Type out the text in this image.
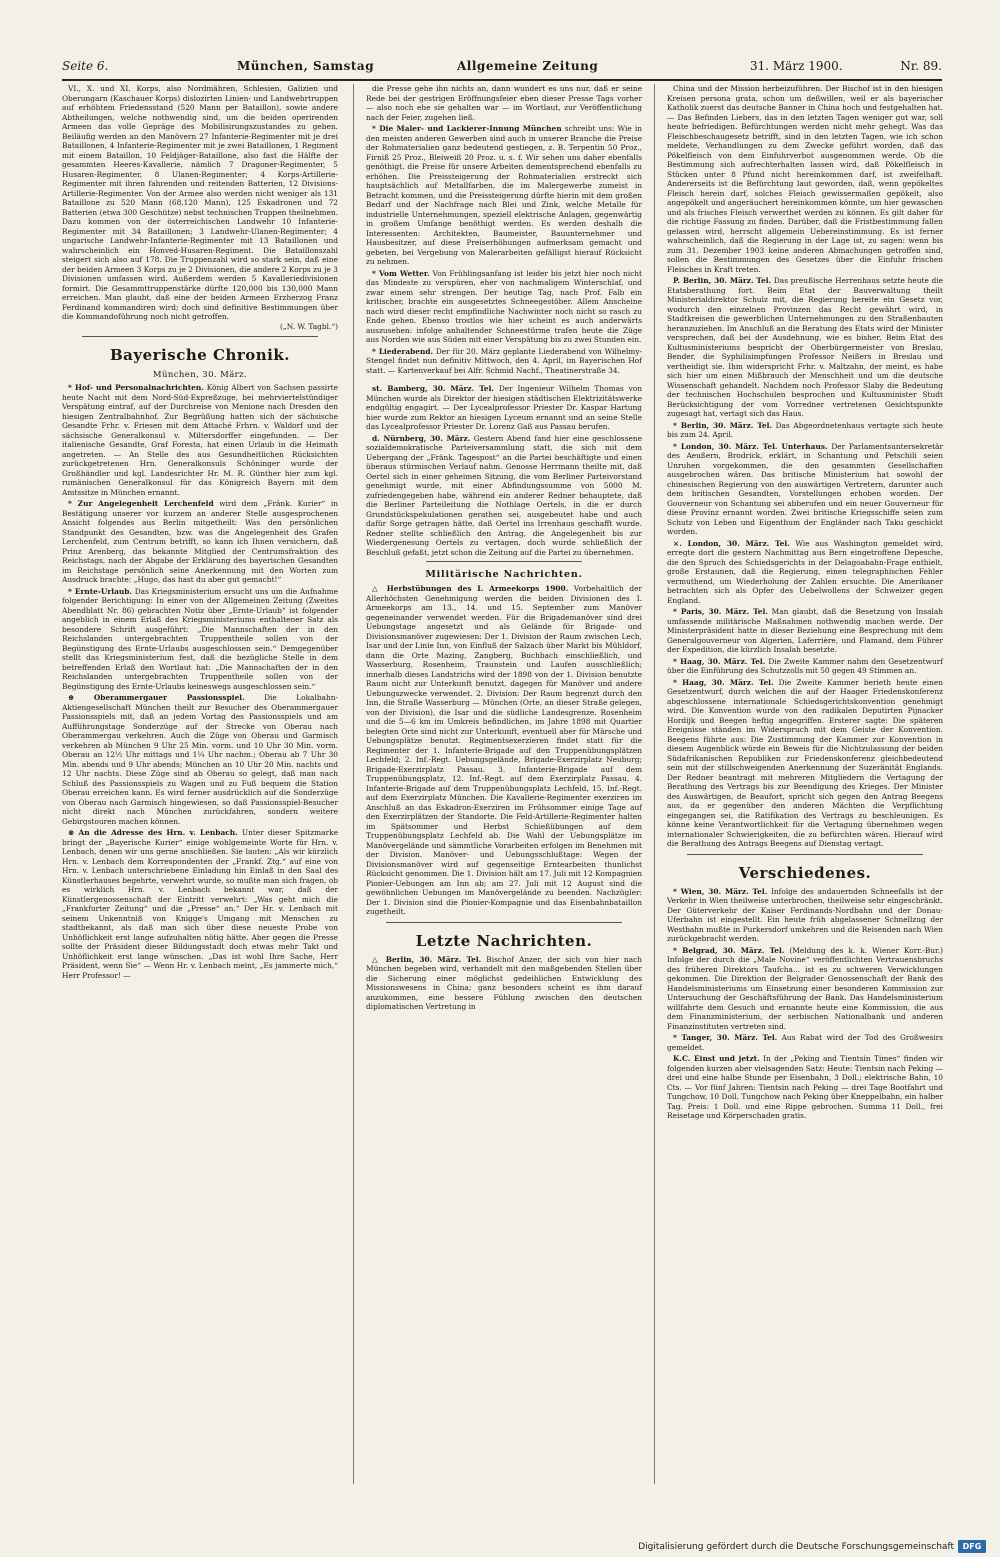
Seite 6.	München, Samstag	Allgemeine Zeitung	31. März 1900.	Nr. 89.

VI., X. und XI. Korps, also Nordmähren, Schlesien, Galizien und Oberungarn (Kaschauer Korps) dislozirten Linien- und Landwehrtruppen auf erhöhtem Friedensstand (520 Mann per Bataillon), sowie andere Abtheilungen, welche nothwendig sind, um die beiden operirenden Armeen das volle Gepräge des Mobilisirungszustandes zu geben. Beiläufig werden an den Manövern 27 Infanterie-Regimenter mit je drei Bataillonen, 4 Infanterie-Regimenter mit je zwei Bataillonen, 1 Regiment mit einem Bataillon, 10 Feldjäger-Bataillone, also fast die Hälfte der gesammten Heeres-Kavallerie, nämlich 7 Dragoner-Regimenter, 5 Husaren-Regimenter, 8 Ulanen-Regimenter; 4 Korps-Artillerie-Regimenter mit ihren fahrenden und reitenden Batterien, 12 Divisions-Artillerie-Regimenter. Von der Armee also werden nicht weniger als 131 Bataillone zu 520 Mann (68,120 Mann), 125 Eskadronen und 72 Batterien (etwa 300 Geschütze) nebst technischen Truppen theilnehmen. Dazu kommen von der österreichischen Landwehr 10 Infanterie-Regimenter mit 34 Bataillonen; 3 Landwehr-Ulanen-Regimenter; 4 ungarische Landwehr-Infanterie-Regimenter mit 13 Bataillonen und wahrscheinlich ein Honved-Husaren-Regiment. Die Bataillonszahl steigert sich also auf 178. Die Truppenzahl wird so stark sein, daß eine der beiden Armeen 3 Korps zu je 2 Divisionen, die andere 2 Korps zu je 3 Divisionen umfassen wird. Außerdem werden 5 Kavalleriedivisionen formirt. Die Gesammttruppenstärke dürfte 120,000 bis 130,000 Mann erreichen. Man glaubt, daß eine der beiden Armeen Erzherzog Franz Ferdinand kommandiren wird; doch sind definitive Bestimmungen über die Kommandoführung noch nicht getroffen.

(„N. W. Tagbl.“)

Bayerische Chronik.
München, 30. März.

* Hof- und Personalnachrichten. König Albert von Sachsen passirte heute Nacht mit dem Nord-Süd-Expreßzuge, bei mehrviertelstündiger Verspätung eintraf, auf der Durchreise von Menione nach Dresden den hiesigen Zentralbahnhof. Zur Begrüßung hatten sich der sächsische Gesandte Frhr. v. Friesen mit dem Attaché Frhrn. v. Waldorf und der sächsische Generalkonsul v. Miltersdorffer eingefunden. — Der italienische Gesandte, Graf Foresta, hat einen Urlaub in die Heimath angetreten. — An Stelle des aus Gesundheitlichen Rücksichten zurückgetretenen Hrn. Generalkonsuls Schöninger wurde der Großhändler und kgl. Landesrichter Hr. M. R. Günther hier zum kgl. rumänischen Generalkonsul für das Königreich Bayern mit dem Amtssitze in München ernannt.

* Zur Angelegenheit Lerchenfeld wird dem „Fränk. Kurier“ in Bestätigung unserer vor kurzem an anderer Stelle ausgesprochenen Ansicht folgendes aus Berlin mitgetheilt: Was den persönlichen Standpunkt des Gesandten, bzw. was die Angelegenheit des Grafen Lerchenfeld, zum Centrum betrifft, so kann ich Ihnen versichern, daß Prinz Arenberg, das bekannte Mitglied der Centrumsfraktion des Reichstags, nach der Abgabe der Erklärung des bayerischen Gesandten im Reichstage persönlich seine Anerkennung mit den Worten zum Ausdruck brachte: „Hugo, das hast du aber gut gemacht!“

* Ernte-Urlaub. Das Kriegsministerium ersucht uns um die Aufnahme folgender Berichtigung: In einer von der Allgemeinen Zeitung (Zweites Abendblatt Nr. 86) gebrachten Notiz über „Ernte-Urlaub“ ist folgender angeblich in einem Erlaß des Kriegsministeriums enthaltener Satz als besondere Schrift ausgeführt: „Die Mannschaften der in den Reichslanden untergebrachten Truppentheile sollen von der Begünstigung des Ernte-Urlaubs ausgeschlossen sein.“ Demgegenüber stellt das Kriegsministerium fest, daß die bezügliche Stelle in dem betreffenden Erlaß den Wortlaut hat: „Die Mannschaften der in den Reichslanden untergebrachten Truppentheile sollen von der Begünstigung des Ernte-Urlaubs keineswegs ausgeschlossen sein.“

⊕ Oberammergauer Passionsspiel.	Die Lokalbahn-Aktiengesellschaft München theilt zur Besucher des Oberammergauer Passionsspiels mit, daß an jedem Vortag des Passionsspiels und am Aufführungstage Sonderzüge auf der Strecke von Oberau nach Oberammergau verkehren. Auch die Züge von Oberau und Garmisch verkehren ab München 9 Uhr 25 Min. vorm. und 10 Uhr 30 Min. vorm. Oberau an 12½ Uhr mittags und 1¼ Uhr nachm.; Oberau ab 7 Uhr 30 Min. abends und 9 Uhr abends; München an 10 Uhr 20 Min. nachts und 12 Uhr nachts. Diese Züge sind ab Oberau so gelegt, daß man nach Schluß des Passionsspiels zu Wagen und zu Fuß bequem die Station Oberau erreichen kann. Es wird ferner ausdrücklich auf die Sonderzüge von Oberau nach Garmisch hingewiesen, so daß Passionsspiel-Besucher nicht direkt nach München zurückfahren, sondern weitere Gebirgstouren machen können.

⊗ An die Adresse des Hrn. v. Lenbach. Unter dieser Spitzmarke bringt der „Bayerische Kurier“ einige wohlgemeinte Worte für Hrn. v. Lenbach, denen wir uns gerne anschließen. Sie lauten: „Als wir kürzlich Hrn. v. Lenbach dem Korrespondenten der „Frankf. Ztg.“ auf eine von Hrn. v. Lenbach unterschriebene Einladung hin Einlaß in den Saal des Künstlerhauses begehrte, verwehrt wurde, so mußte man sich fragen, ob es wirklich Hrn. v. Lenbach bekannt war, daß der Künstlergenossenschaft der Eintritt verwehrt: „Was geht mich die „Frankfurter Zeitung“ und die „Presse“ an.“ Der Hr. v. Lenbach mit seinem Unkenntniß von Knigge's Umgang mit Menschen zu stadtbekannt, als daß man sich über diese neueste Probe von Unhöflichkeit erst lange aufzuhalten nötig hätte. Aber gegen die Presse sollte der Präsident dieser Bildungsstadt doch etwas mehr Takt und Unhöflichkeit erst lange wünschen. „Das ist wohl Ihre Sache, Herr Präsident, wenn Sie“ — Wenn Hr. v. Lenbach meint, „Es jammerte mich,“ Herr Professor! —

die Presse gehe ihn nichts an, dann wundert es uns nur, daß er seine Rede bei der gestrigen Eröffnungsfeier eben dieser Presse Tags vorher — also noch ehe sie gehalten war — im Wortlaut, zur Veröffentlichung nach der Feier, zugehen ließ.

* Die Maler- und Lackierer-Innung München schreibt uns: Wie in den meisten anderen Gewerben sind auch in unserer Branche die Preise der Rohmaterialien ganz bedeutend gestiegen, z. B. Terpentin 50 Proz., Firniß 25 Proz., Bleiweiß 20 Proz. u. s. f. Wir sehen uns daher ebenfalls genöthigt, die Preise für unsere Arbeiten dementsprechend ebenfalls zu erhöhen. Die Preissteigerung der Rohmaterialien erstreckt sich hauptsächlich auf Metallfarben, die im Malergewerbe zumeist in Betracht kommen, und die Preissteigerung dürfte hierin mit dem großen Bedarf und der Nachfrage nach Blei und Zink, welche Metalle für industrielle Unternehmungen, speziell elektrische Anlagen, gegenwärtig in großem Umfange benöthigt werden. Es werden deshalb die Interessenten: Architekten, Baumeister, Bauunternehmer und Hausbesitzer, auf diese Preiserhöhungen aufmerksam gemacht und gebeten, bei Vergebung von Malerarbeiten gefälligst hierauf Rücksicht zu nehmen.

* Vom Wetter. Von Frühlingsanfang ist leider bis jetzt hier noch nicht das Mindeste zu verspüren, eher von nachmaligem Winterschlaf, und zwar einem sehr strengen. Der heutige Tag, nach Prof. Falb ein kritischer, brachte ein ausgesetztes Schneegestöber. Allem Anscheine nach wird dieser recht empfindliche Nachwinter noch nicht so rasch zu Ende gehen. Ebenso trostlos wie hier scheint es auch anderwärts auszusehen: infolge anhaltender Schneestürme trafen heute die Züge aus Norden wie aus Süden mit einer Verspätung bis zu zwei Stunden ein.

* Liederabend. Der für 20. März geplante Liederabend von Wilhelmy-Stengel findet nun definitiv Mittwoch, den 4. April, im Bayerischen Hof statt. — Kartenverkauf bei Alfr. Schmid Nachf., Theatinerstraße 34.

st. Bamberg, 30. März. Tel. Der Ingenieur Wilhelm Thomas von München wurde als Direktor der hiesigen städtischen Elektrizitätswerke endgültig engagirt. — Der Lycealprofessor Priester Dr. Kaspar Hartung hier wurde zum Rektor an hiesigen Lyceum ernannt und an seine Stelle das Lycealprofessor Priester Dr. Lorenz Gaß aus Passau berufen.

d. Nürnberg, 30. März. Gestern Abend fand hier eine geschlossene sozialdemokratische Parteiversammlung statt, die sich mit dem Uebergang der „Fränk. Tagespost“ an die Partei beschäftigte und einen überaus stürmischen Verlauf nahm. Genosse Herrmann theilte mit, daß Oertel sich in einer geheimen Sitzung, die vom Berliner Parteivorstand genehmigt wurde, mit einer Abfindungssumme von 5000 M. zufriedengegeben habe, während ein anderer Redner behauptete, daß die Berliner Parteileitung die Nothlage Oertels, in die er durch Grundstückspekulationen gerathen sei, ausgebeutet habe und auch dafür Sorge getragen hätte, daß Oertel ins Irrenhaus geschafft wurde. Redner stellte schließlich den Antrag, die Angelegenheit bis zur Wiedergenesung Oertels zu vertagen, doch wurde schließlich der Beschluß gefaßt, jetzt schon die Zeitung auf die Partei zu übernehmen.

Militärische Nachrichten.

△ Herbstübungen des I. Armeekorps 1900. Vorbehaltlich der Allerhöchsten Genehmigung werden die beiden Divisionen des I. Armeekorps am 13., 14. und 15. September zum Manöver gegeneinander verwendet werden. Für die Brigademanöver sind drei Uebungstage angesetzt und als Gelände für Brigade- und Divisionsmanöver zugewiesen: Der 1. Division der Raum zwischen Lech, Isar und der Linie Inn, von Einfluß der Salzach über Markt bis Mühldorf, dann die Orte Mazing, Zangberg, Buchbach einschließlich, und Wasserburg, Rosenheim, Traunstein und Laufen ausschließlich; innerhalb dieses Landstrichs wird der 1898 von der 1. Division benutzte Raum nicht zur Unterkunft benutzt, dagegen für Manöver und andere Uebungszwecke verwendet. 2. Division: Der Raum begrenzt durch den Inn, die Straße Wasserburg — München (Orte, an dieser Straße gelegen, von der Division), die Isar und die südliche Landesgrenze. Rosenheim und die 5—6 km im Umkreis befindlichen, im Jahre 1898 mit Quartier belegten Orte sind nicht zur Unterkunft, eventuell aber für Märsche und Uebungsplätze benutzt. Regimentsexerzieren findet statt für die Regimenter der 1. Infanterie-Brigade auf den Truppenübungsplätzen Lechfeld; 2. Inf.-Regt. Uebungsgelände, Brigade-Exerzirplatz Neuburg; Brigade-Exerzirplatz Passau. 3. Infanterie-Brigade auf dem Truppenübungsplatz, 12. Inf.-Regt. auf dem Exerzirplatz Passau. 4. Infanterie-Brigade auf dem Truppenübungsplatz Lechfeld, 15. Inf.-Regt. auf dem Exerzirplatz München. Die Kavallerie-Regimenter exerziren im Anschluß an das Eskadron-Exerziren im Frühsommer einige Tage auf den Exerzirplätzen der Standorte. Die Feld-Artillerie-Regimenter halten im Spätsommer und Herbst Schießübungen auf dem Truppenübungsplatz Lechfeld ab. Die Wahl der Uebungsplätze im Manövergelände und sämmtliche Vorarbeiten erfolgen im Benehmen mit der Division. Manöver- und Uebungsschlußtage: Wegen der Divisionsmanöver wird auf gegenseitige Erntearbeiten thunlichst Rücksicht genommen. Die 1. Division hält am 17. Juli mit 12 Kompagnien Pionier-Uebungen am Inn ab; am 27. Juli mit 12 August sind die gewöhnlichen Uebungen im Manövergelände zu beenden. Nachzügler: Der 1. Division sind die Pionier-Kompagnie und das Eisenbahnbataillon zugetheilt.

Letzte Nachrichten.

△ Berlin, 30. März. Tel. Bischof Anzer, der sich von hier nach München begeben wird, verhandelt mit den maßgebenden Stellen über die Sicherung einer möglichst gedeihlichen Entwicklung des Missionswesens in China; ganz besonders scheint es ihm darauf anzukommen, eine bessere Fühlung zwischen den deutschen diplomatischen Vertretung in

China und der Mission herbeizuführen. Der Bischof ist in den hiesigen Kreisen persona grata, schon um deßwillen, weil er als bayerischer Katholik zuerst das deutsche Banner in China hoch und festgehalten hat. — Das Befinden Liebers, das in den letzten Tagen weniger gut war, soll heute befriedigen. Befürchtungen werden nicht mehr gehegt. Was das Fleischbeschaugesetz betrifft, sind in den letzten Tagen, wie ich schon meldete, Verhandlungen zu dem Zwecke geführt worden, daß das Pökelfleisch von dem Einfuhrverbot ausgenommen werde. Ob die Bestimmung sich aufrechterhalten lassen wird, daß Pökelfleisch in Stücken unter 8 Pfund nicht hereinkommen darf, ist zweifelhaft. Andererseits ist die Befürchtung laut geworden, daß, wenn gepökeltes Fleisch herein darf, solches Fleisch gewissermaßen gepökelt, also angepökelt und angeräuchert hereinkommen könnte, um hier gewaschen und als frisches Fleisch verwerthet werden zu können. Es gilt daher für die richtige Fassung zu finden. Darüber, daß die Fristbestimmung fallen gelassen wird, herrscht allgemein Uebereinstimmung. Es ist ferner wahrscheinlich, daß die Regierung in der Lage ist, zu sagen: wenn bis zum 31. Dezember 1903 keine anderen Abmachungen getroffen sind, sollen die Bestimmungen des Gesetzes über die Einfuhr frischen Fleisches in Kraft treten.

P. Berlin, 30. März. Tel. Das preußische Herrenhaus setzte heute die Etatsberathung fort. Beim Etat der Bauverwaltung theilt Ministerialdirektor Schulz mit, die Regierung bereite ein Gesetz vor, wodurch den einzelnen Provinzen das Recht gewährt wird, in Stadtkreisen die gewerblichen Unternehmungen zu den Straßenbauten heranzuziehen. Im Anschluß an die Beratung des Etats wird der Minister versprechen, daß bei der Ausdehnung, wie es bisher, Beim Etat des Kultusministeriums bespricht der Oberbürgermeister von Breslau, Bender, die Syphilisimpfungen Professor Neißers in Breslau und vertheidigt sie. Ihm widerspricht Frhr. v. Maltzahn, der meint, es habe sich hier um einen Mißbrauch der Menschheit und um die deutsche Wissenschaft gehandelt. Nachdem noch Professor Slaby die Bedeutung der technischen Hochschulen besprochen und Kultusminister Studt Berücksichtigung der vom Vorredner vertretenen Gesichtspunkte zugesagt hat, vertagt sich das Haus.

* Berlin, 30. März. Tel. Das Abgeordnetenhaus vertagte sich heute bis zum 24. April.

* London, 30. März. Tel. Unterhaus. Der Parlamentsuntersekretär des Aeußern, Brodrick, erklärt, in Schantung und Petschili seien Unruhen vorgekommen, die den gesammten Gesellschaften ausgebrochen wären. Das britische Ministerium hat sowohl der chinesischen Regierung von den auswärtigen Vertretern, darunter auch dem britischen Gesandten, Vorstellungen erhoben worden. Der Gouverneur von Schantung sei abberufen und ein neuer Gouverneur für diese Provinz ernannt worden. Zwei britische Kriegsschiffe seien zum Schutz von Leben und Eigenthum der Engländer nach Taku geschickt worden.

×. London, 30. März. Tel. Wie aus Washington gemeldet wird, erregte dort die gestern Nachmittag aus Bern eingetroffene Depesche, die den Spruch des Schiedsgerichts in der Delagoabahn-Frage enthielt, große Erstaunen, daß die Regierung, einen telegraphischen Fehler vermuthend, um Wiederholung der Zahlen ersuchte. Die Amerikaner betrachten sich als Opfer des Uebelwollens der Schweizer gegen England.

* Paris, 30. März. Tel. Man glaubt, daß die Besetzung von Insalah umfassende militärische Maßnahmen nothwendig machen werde. Der Ministerpräsident hatte in dieser Beziehung eine Besprechung mit dem Generalgouverneur von Algerien, Laferrière, und Flamand, dem Führer der Expedition, die kürzlich Insalah besetzte.

* Haag, 30. März. Tel. Die Zweite Kammer nahm den Gesetzentwurf über die Einführung des Schutzzolls mit 50 gegen 49 Stimmen an.

* Haag, 30. März. Tel. Die Zweite Kammer berieth heute einen Gesetzentwurf, durch welchen die auf der Haager Friedenskonferenz abgeschlossene internationale Schiedsgerichtskonvention genehmigt wird. Die Konvention wurde von den radikalen Deputirten Pijnacker Hordijk und Beegen heftig angegriffen. Ersterer sagte: Die späteren Ereignisse ständen im Widerspruch mit dem Geiste der Konvention. Beegens führte aus: Die Zustimmung der Kammer zur Konvention in diesem Augenblick würde ein Beweis für die Nichtzulassung der beiden Südafrikanischen Republiken zur Friedenskonferenz gleichbedeutend sein mit der stillschweigenden Anerkennung der Suzeränität Englands. Der Redner beantragt mit mehreren Mitgliedern die Vertagung der Berathung des Vertrags bis zur Beendigung des Krieges. Der Minister des Auswärtigen, de Beaufort, spricht sich gegen den Antrag Beegens aus, da er gegenüber den anderen Mächten die Verpflichtung eingegangen sei, die Ratifikation des Vertrags zu beschleunigen. Es könne keine Verantwortlichkeit für die Vertagung übernehmen wegen internationaler Schwierigkeiten, die zu befürchten wären. Hierauf wird die Berathung des Antrags Beegens auf Dienstag vertagt.

Verschiedenes.

* Wien, 30. März. Tel. Infolge des andauernden Schneefalls ist der Verkehr in Wien theilweise unterbrochen, theilweise sehr eingeschränkt. Der Güterverkehr der Kaiser Ferdinands-Nordbahn und der Donau-Uferbahn ist eingestellt. Ein heute früh abgelassener Schnellzug der Westbahn mußte in Purkersdorf umkehren und die Reisenden nach Wien zurückgebracht werden.

* Belgrad, 30. März. Tel. (Meldung des k. k. Wiener Korr.-Bur.) Infolge der durch die „Male Novine“ veröffentlichten Vertrauensbruchs des früheren Direktors Taufcha... ist es zu schweren Verwicklungen gekommen. Die Direktion der Belgrader Genossenschaft der Bank des Handelsministeriums um Einsetzung einer besonderen Kommission zur Untersuchung der Geschäftsführung der Bank. Das Handelsministerium willfahrte dem Gesuch und ernannte heute eine Kommission, die aus dem Finanzministerium, der serbischen Nationalbank und anderen Finanzinstituten vertreten sind.

* Tanger, 30. März. Tel. Aus Rabat wird der Tod des Großwesirs gemeldet.

K.C. Einst und jetzt. In der „Peking and Tientsin Times“ finden wir folgenden kurzen aber vielsagenden Satz: Heute: Tientsin nach Peking — drei und eine halbe Stunde per Eisenbahn, 3 Doll.; elektrische Bahn, 10 Cts. — Vor fünf Jahren: Tientsin nach Peking — drei Tage Bootfahrt und Tungchow, 10 Doll. Tungchow nach Peking über Kneppelbahn, ein halber Tag. Preis: 1 Doll. und eine Rippe gebrochen. Summa 11 Doll., frei Reisetage und Körperschaden gratis.

Digitalisierung gefördert durch die Deutsche Forschungsgemeinschaft	DFG
